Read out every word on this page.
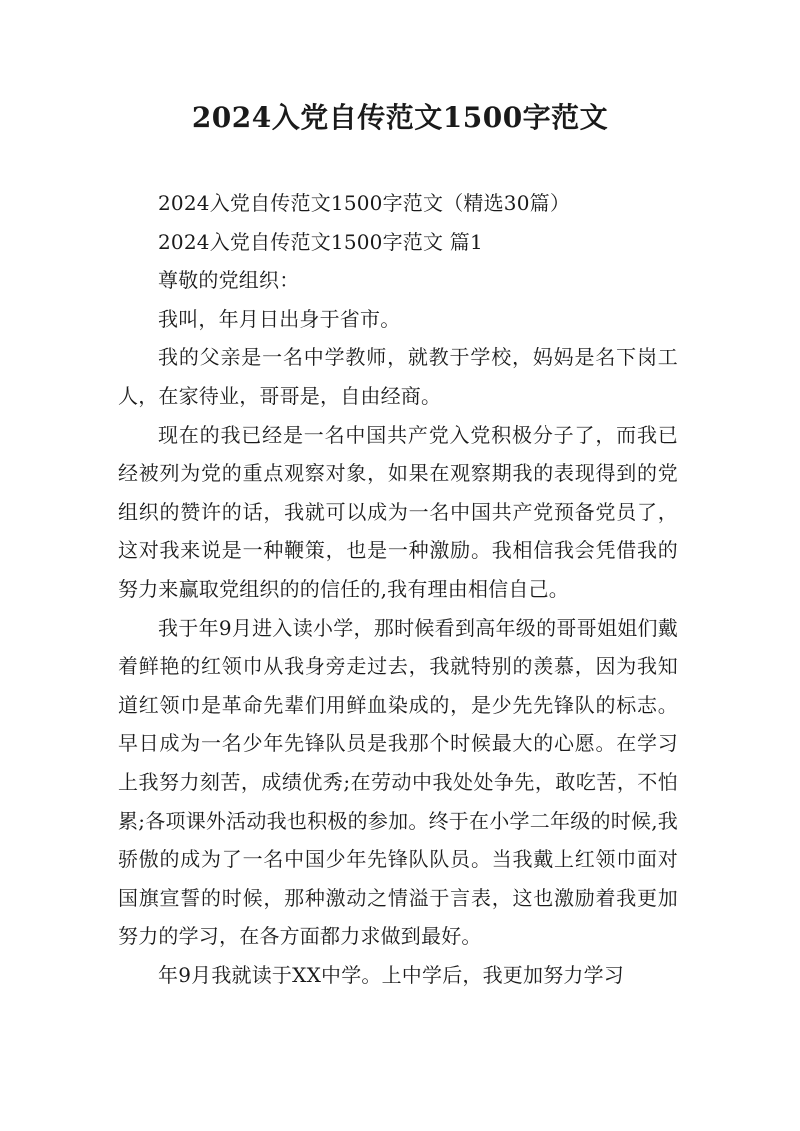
2024入党自传范文1500字范文

2024入党自传范文1500字范文（精选30篇）

2024入党自传范文1500字范文 篇1

尊敬的党组织：

我叫，年月日出身于省市。

我的父亲是一名中学教师，就教于学校，妈妈是名下岗工人，在家待业，哥哥是，自由经商。

现在的我已经是一名中国共产党入党积极分子了，而我已经被列为党的重点观察对象，如果在观察期我的表现得到的党组织的赞许的话，我就可以成为一名中国共产党预备党员了，这对我来说是一种鞭策，也是一种激励。我相信我会凭借我的努力来赢取党组织的的信任的,我有理由相信自己。

我于年9月进入读小学，那时候看到高年级的哥哥姐姐们戴着鲜艳的红领巾从我身旁走过去，我就特别的羡慕，因为我知道红领巾是革命先辈们用鲜血染成的，是少先先锋队的标志。早日成为一名少年先锋队员是我那个时候最大的心愿。在学习上我努力刻苦，成绩优秀;在劳动中我处处争先，敢吃苦，不怕累;各项课外活动我也积极的参加。终于在小学二年级的时候,我骄傲的成为了一名中国少年先锋队队员。当我戴上红领巾面对国旗宣誓的时候，那种激动之情溢于言表，这也激励着我更加努力的学习，在各方面都力求做到最好。

年9月我就读于XX中学。上中学后，我更加努力学习
